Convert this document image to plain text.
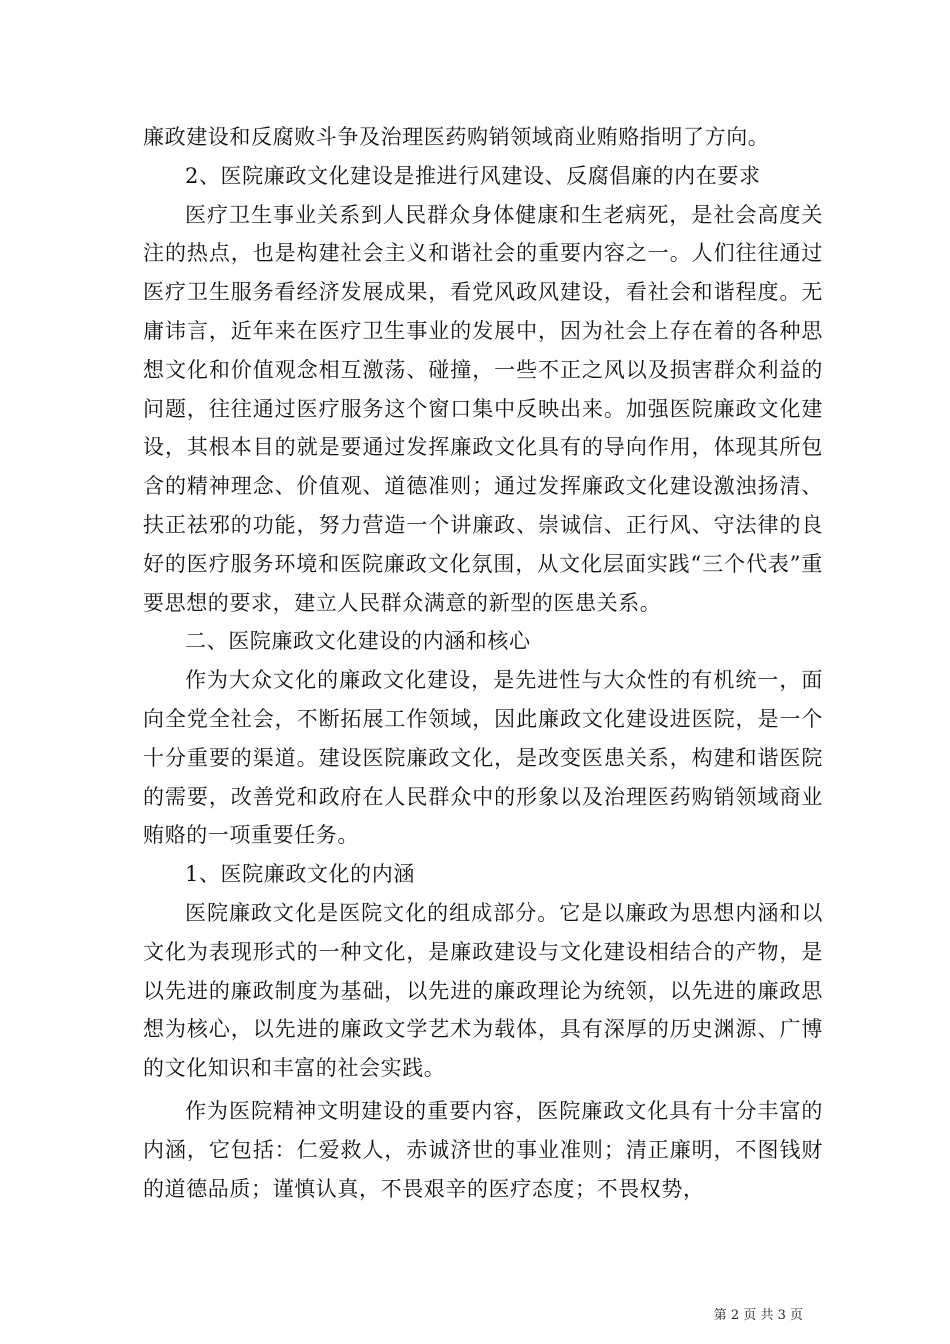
廉政建设和反腐败斗争及治理医药购销领域商业贿赂指明了方向。

2、医院廉政文化建设是推进行风建设、反腐倡廉的内在要求

医疗卫生事业关系到人民群众身体健康和生老病死，是社会高度关注的热点，也是构建社会主义和谐社会的重要内容之一。人们往往通过医疗卫生服务看经济发展成果，看党风政风建设，看社会和谐程度。无庸讳言，近年来在医疗卫生事业的发展中，因为社会上存在着的各种思想文化和价值观念相互激荡、碰撞，一些不正之风以及损害群众利益的问题，往往通过医疗服务这个窗口集中反映出来。加强医院廉政文化建设，其根本目的就是要通过发挥廉政文化具有的导向作用，体现其所包含的精神理念、价值观、道德准则；通过发挥廉政文化建设激浊扬清、扶正祛邪的功能，努力营造一个讲廉政、崇诚信、正行风、守法律的良好的医疗服务环境和医院廉政文化氛围，从文化层面实践“三个代表”重要思想的要求，建立人民群众满意的新型的医患关系。

二、医院廉政文化建设的内涵和核心

作为大众文化的廉政文化建设，是先进性与大众性的有机统一，面向全党全社会，不断拓展工作领域，因此廉政文化建设进医院，是一个十分重要的渠道。建设医院廉政文化，是改变医患关系，构建和谐医院的需要，改善党和政府在人民群众中的形象以及治理医药购销领域商业贿赂的一项重要任务。

1、医院廉政文化的内涵

医院廉政文化是医院文化的组成部分。它是以廉政为思想内涵和以文化为表现形式的一种文化，是廉政建设与文化建设相结合的产物，是以先进的廉政制度为基础，以先进的廉政理论为统领，以先进的廉政思想为核心，以先进的廉政文学艺术为载体，具有深厚的历史渊源、广博的文化知识和丰富的社会实践。

作为医院精神文明建设的重要内容，医院廉政文化具有十分丰富的内涵，它包括：仁爱救人，赤诚济世的事业准则；清正廉明，不图钱财的道德品质；谨慎认真，不畏艰辛的医疗态度；不畏权势，

第 2 页 共 3 页
